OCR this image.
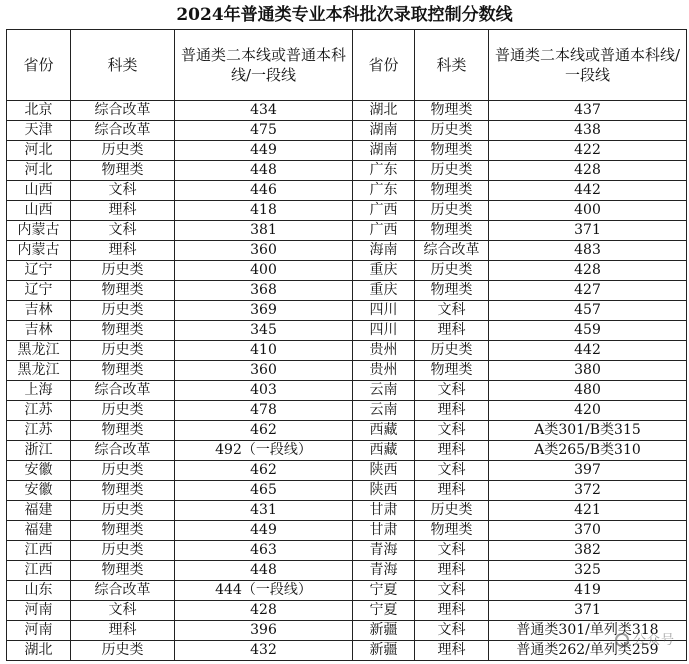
2024年普通类专业本科批次录取控制分数线
省份	科类	普通类二本线或普通本科线/一段线	省份	科类	普通类二本线或普通本科线/一段线
北京	综合改革	434	湖北	物理类	437
天津	综合改革	475	湖南	历史类	438
河北	历史类	449	湖南	物理类	422
河北	物理类	448	广东	历史类	428
山西	文科	446	广东	物理类	442
山西	理科	418	广西	历史类	400
内蒙古	文科	381	广西	物理类	371
内蒙古	理科	360	海南	综合改革	483
辽宁	历史类	400	重庆	历史类	428
辽宁	物理类	368	重庆	物理类	427
吉林	历史类	369	四川	文科	457
吉林	物理类	345	四川	理科	459
黑龙江	历史类	410	贵州	历史类	442
黑龙江	物理类	360	贵州	物理类	380
上海	综合改革	403	云南	文科	480
江苏	历史类	478	云南	理科	420
江苏	物理类	462	西藏	文科	A类301/B类315
浙江	综合改革	492（一段线）	西藏	理科	A类265/B类310
安徽	历史类	462	陕西	文科	397
安徽	物理类	465	陕西	理科	372
福建	历史类	431	甘肃	历史类	421
福建	物理类	449	甘肃	物理类	370
江西	历史类	463	青海	文科	382
江西	物理类	448	青海	理科	325
山东	综合改革	444（一段线）	宁夏	文科	419
河南	文科	428	宁夏	理科	371
河南	理科	396	新疆	文科	普通类301/单列类318
湖北	历史类	432	新疆	理科	普通类262/单列类259
公众号
